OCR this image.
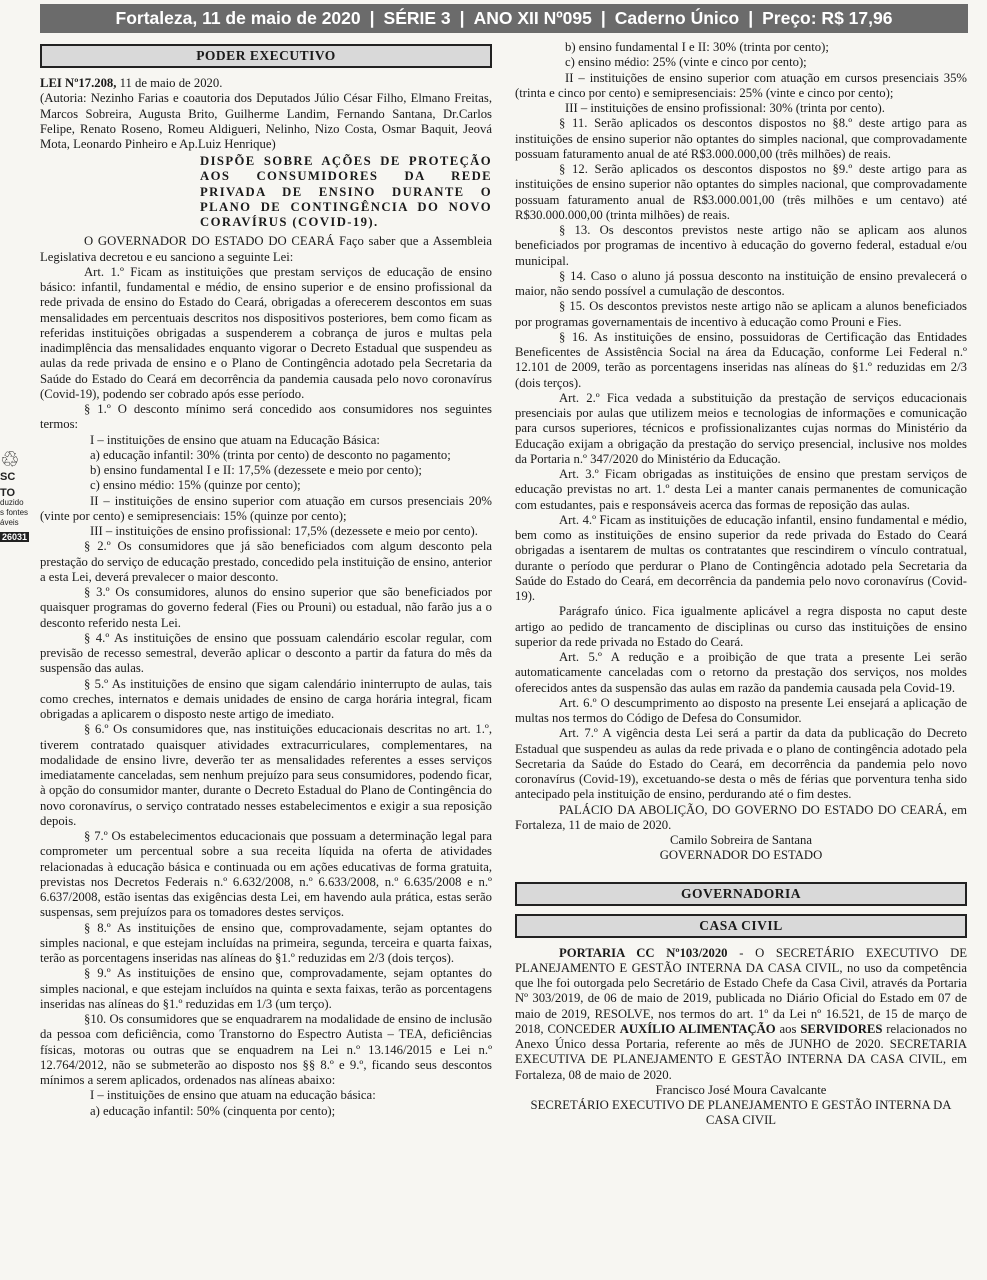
Fortaleza, 11 de maio de 2020 | SÉRIE 3 | ANO XII Nº095 | Caderno Único | Preço: R$ 17,96
♲
SC
TO
duzido
s fontes
áveis
26031
PODER EXECUTIVO

LEI Nº17.208, 11 de maio de 2020.

(Autoria: Nezinho Farias e coautoria dos Deputados Júlio César Filho, Elmano Freitas, Marcos Sobreira, Augusta Brito, Guilherme Landim, Fernando Santana, Dr.Carlos Felipe, Renato Roseno, Romeu Aldigueri, Nelinho, Nizo Costa, Osmar Baquit, Jeová Mota, Leonardo Pinheiro e Ap.Luiz Henrique)

DISPÕE SOBRE AÇÕES DE PROTEÇÃO AOS CONSUMIDORES DA REDE PRIVADA DE ENSINO DURANTE O PLANO DE CONTINGÊNCIA DO NOVO CORAVÍRUS (COVID-19).

O GOVERNADOR DO ESTADO DO CEARÁ Faço saber que a Assembleia Legislativa decretou e eu sanciono a seguinte Lei:

Art. 1.º Ficam as instituições que prestam serviços de educação de ensino básico: infantil, fundamental e médio, de ensino superior e de ensino profissional da rede privada de ensino do Estado do Ceará, obrigadas a oferecerem descontos em suas mensalidades em percentuais descritos nos dispositivos posteriores, bem como ficam as referidas instituições obrigadas a suspenderem a cobrança de juros e multas pela inadimplência das mensalidades enquanto vigorar o Decreto Estadual que suspendeu as aulas da rede privada de ensino e o Plano de Contingência adotado pela Secretaria da Saúde do Estado do Ceará em decorrência da pandemia causada pelo novo coronavírus (Covid-19), podendo ser cobrado após esse período.

§ 1.º O desconto mínimo será concedido aos consumidores nos seguintes termos:

I – instituições de ensino que atuam na Educação Básica:

a) educação infantil: 30% (trinta por cento) de desconto no pagamento;

b) ensino fundamental I e II: 17,5% (dezessete e meio por cento);

c) ensino médio: 15% (quinze por cento);

II – instituições de ensino superior com atuação em cursos presenciais 20% (vinte por cento) e semipresenciais: 15% (quinze por cento);

III – instituições de ensino profissional: 17,5% (dezessete e meio por cento).

§ 2.º Os consumidores que já são beneficiados com algum desconto pela prestação do serviço de educação prestado, concedido pela instituição de ensino, anterior a esta Lei, deverá prevalecer o maior desconto.

§ 3.º Os consumidores, alunos do ensino superior que são beneficiados por quaisquer programas do governo federal (Fies ou Prouni) ou estadual, não farão jus a o desconto referido nesta Lei.

§ 4.º As instituições de ensino que possuam calendário escolar regular, com previsão de recesso semestral, deverão aplicar o desconto a partir da fatura do mês da suspensão das aulas.

§ 5.º As instituições de ensino que sigam calendário ininterrupto de aulas, tais como creches, internatos e demais unidades de ensino de carga horária integral, ficam obrigadas a aplicarem o disposto neste artigo de imediato.

§ 6.º Os consumidores que, nas instituições educacionais descritas no art. 1.º, tiverem contratado quaisquer atividades extracurriculares, complementares, na modalidade de ensino livre, deverão ter as mensalidades referentes a esses serviços imediatamente canceladas, sem nenhum prejuízo para seus consumidores, podendo ficar, à opção do consumidor manter, durante o Decreto Estadual do Plano de Contingência do novo coronavírus, o serviço contratado nesses estabelecimentos e exigir a sua reposição depois.

§ 7.º Os estabelecimentos educacionais que possuam a determinação legal para comprometer um percentual sobre a sua receita líquida na oferta de atividades relacionadas à educação básica e continuada ou em ações educativas de forma gratuita, previstas nos Decretos Federais n.º 6.632/2008, n.º 6.633/2008, n.º 6.635/2008 e n.º 6.637/2008, estão isentas das exigências desta Lei, em havendo aula prática, estas serão suspensas, sem prejuízos para os tomadores destes serviços.

§ 8.º As instituições de ensino que, comprovadamente, sejam optantes do simples nacional, e que estejam incluídas na primeira, segunda, terceira e quarta faixas, terão as porcentagens inseridas nas alíneas do §1.º reduzidas em 2/3 (dois terços).

§ 9.º As instituições de ensino que, comprovadamente, sejam optantes do simples nacional, e que estejam incluídos na quinta e sexta faixas, terão as porcentagens inseridas nas alíneas do §1.º reduzidas em 1/3 (um terço).

§10. Os consumidores que se enquadrarem na modalidade de ensino de inclusão da pessoa com deficiência, como Transtorno do Espectro Autista – TEA, deficiências físicas, motoras ou outras que se enquadrem na Lei n.º 13.146/2015 e Lei n.º 12.764/2012, não se submeterão ao disposto nos §§ 8.º e 9.º, ficando seus descontos mínimos a serem aplicados, ordenados nas alíneas abaixo:

I – instituições de ensino que atuam na educação básica:

a) educação infantil: 50% (cinquenta por cento);

b) ensino fundamental I e II: 30% (trinta por cento);

c) ensino médio: 25% (vinte e cinco por cento);

II – instituições de ensino superior com atuação em cursos presenciais 35% (trinta e cinco por cento) e semipresenciais: 25% (vinte e cinco por cento);

III – instituições de ensino profissional: 30% (trinta por cento).

§ 11. Serão aplicados os descontos dispostos no §8.º deste artigo para as instituições de ensino superior não optantes do simples nacional, que comprovadamente possuam faturamento anual de até R$3.000.000,00 (três milhões) de reais.

§ 12. Serão aplicados os descontos dispostos no §9.º deste artigo para as instituições de ensino superior não optantes do simples nacional, que comprovadamente possuam faturamento anual de R$3.000.001,00 (três milhões e um centavo) até R$30.000.000,00 (trinta milhões) de reais.

§ 13. Os descontos previstos neste artigo não se aplicam aos alunos beneficiados por programas de incentivo à educação do governo federal, estadual e/ou municipal.

§ 14. Caso o aluno já possua desconto na instituição de ensino prevalecerá o maior, não sendo possível a cumulação de descontos.

§ 15. Os descontos previstos neste artigo não se aplicam a alunos beneficiados por programas governamentais de incentivo à educação como Prouni e Fies.

§ 16. As instituições de ensino, possuidoras de Certificação das Entidades Beneficentes de Assistência Social na área da Educação, conforme Lei Federal n.º 12.101 de 2009, terão as porcentagens inseridas nas alíneas do §1.º reduzidas em 2/3 (dois terços).

Art. 2.º Fica vedada a substituição da prestação de serviços educacionais presenciais por aulas que utilizem meios e tecnologias de informações e comunicação para cursos superiores, técnicos e profissionalizantes cujas normas do Ministério da Educação exijam a obrigação da prestação do serviço presencial, inclusive nos moldes da Portaria n.º 347/2020 do Ministério da Educação.

Art. 3.º Ficam obrigadas as instituições de ensino que prestam serviços de educação previstas no art. 1.º desta Lei a manter canais permanentes de comunicação com estudantes, pais e responsáveis acerca das formas de reposição das aulas.

Art. 4.º Ficam as instituições de educação infantil, ensino fundamental e médio, bem como as instituições de ensino superior da rede privada do Estado do Ceará obrigadas a isentarem de multas os contratantes que rescindirem o vínculo contratual, durante o período que perdurar o Plano de Contingência adotado pela Secretaria da Saúde do Estado do Ceará, em decorrência da pandemia pelo novo coronavírus (Covid-19).

Parágrafo único. Fica igualmente aplicável a regra disposta no caput deste artigo ao pedido de trancamento de disciplinas ou curso das instituições de ensino superior da rede privada no Estado do Ceará.

Art. 5.º A redução e a proibição de que trata a presente Lei serão automaticamente canceladas com o retorno da prestação dos serviços, nos moldes oferecidos antes da suspensão das aulas em razão da pandemia causada pela Covid-19.

Art. 6.º O descumprimento ao disposto na presente Lei ensejará a aplicação de multas nos termos do Código de Defesa do Consumidor.

Art. 7.º A vigência desta Lei será a partir da data da publicação do Decreto Estadual que suspendeu as aulas da rede privada e o plano de contingência adotado pela Secretaria da Saúde do Estado do Ceará, em decorrência da pandemia pelo novo coronavírus (Covid-19), excetuando-se desta o mês de férias que porventura tenha sido antecipado pela instituição de ensino, perdurando até o fim destes.

PALÁCIO DA ABOLIÇÃO, DO GOVERNO DO ESTADO DO CEARÁ, em Fortaleza, 11 de maio de 2020.

Camilo Sobreira de Santana

GOVERNADOR DO ESTADO

GOVERNADORIA
CASA CIVIL

PORTARIA CC Nº103/2020 - O SECRETÁRIO EXECUTIVO DE PLANEJAMENTO E GESTÃO INTERNA DA CASA CIVIL, no uso da competência que lhe foi outorgada pelo Secretário de Estado Chefe da Casa Civil, através da Portaria Nº 303/2019, de 06 de maio de 2019, publicada no Diário Oficial do Estado em 07 de maio de 2019, RESOLVE, nos termos do art. 1º da Lei nº 16.521, de 15 de março de 2018, CONCEDER AUXÍLIO ALIMENTAÇÃO aos SERVIDORES relacionados no Anexo Único dessa Portaria, referente ao mês de JUNHO de 2020. SECRETARIA EXECUTIVA DE PLANEJAMENTO E GESTÃO INTERNA DA CASA CIVIL, em Fortaleza, 08 de maio de 2020.

Francisco José Moura Cavalcante

SECRETÁRIO EXECUTIVO DE PLANEJAMENTO E GESTÃO INTERNA DA CASA CIVIL
